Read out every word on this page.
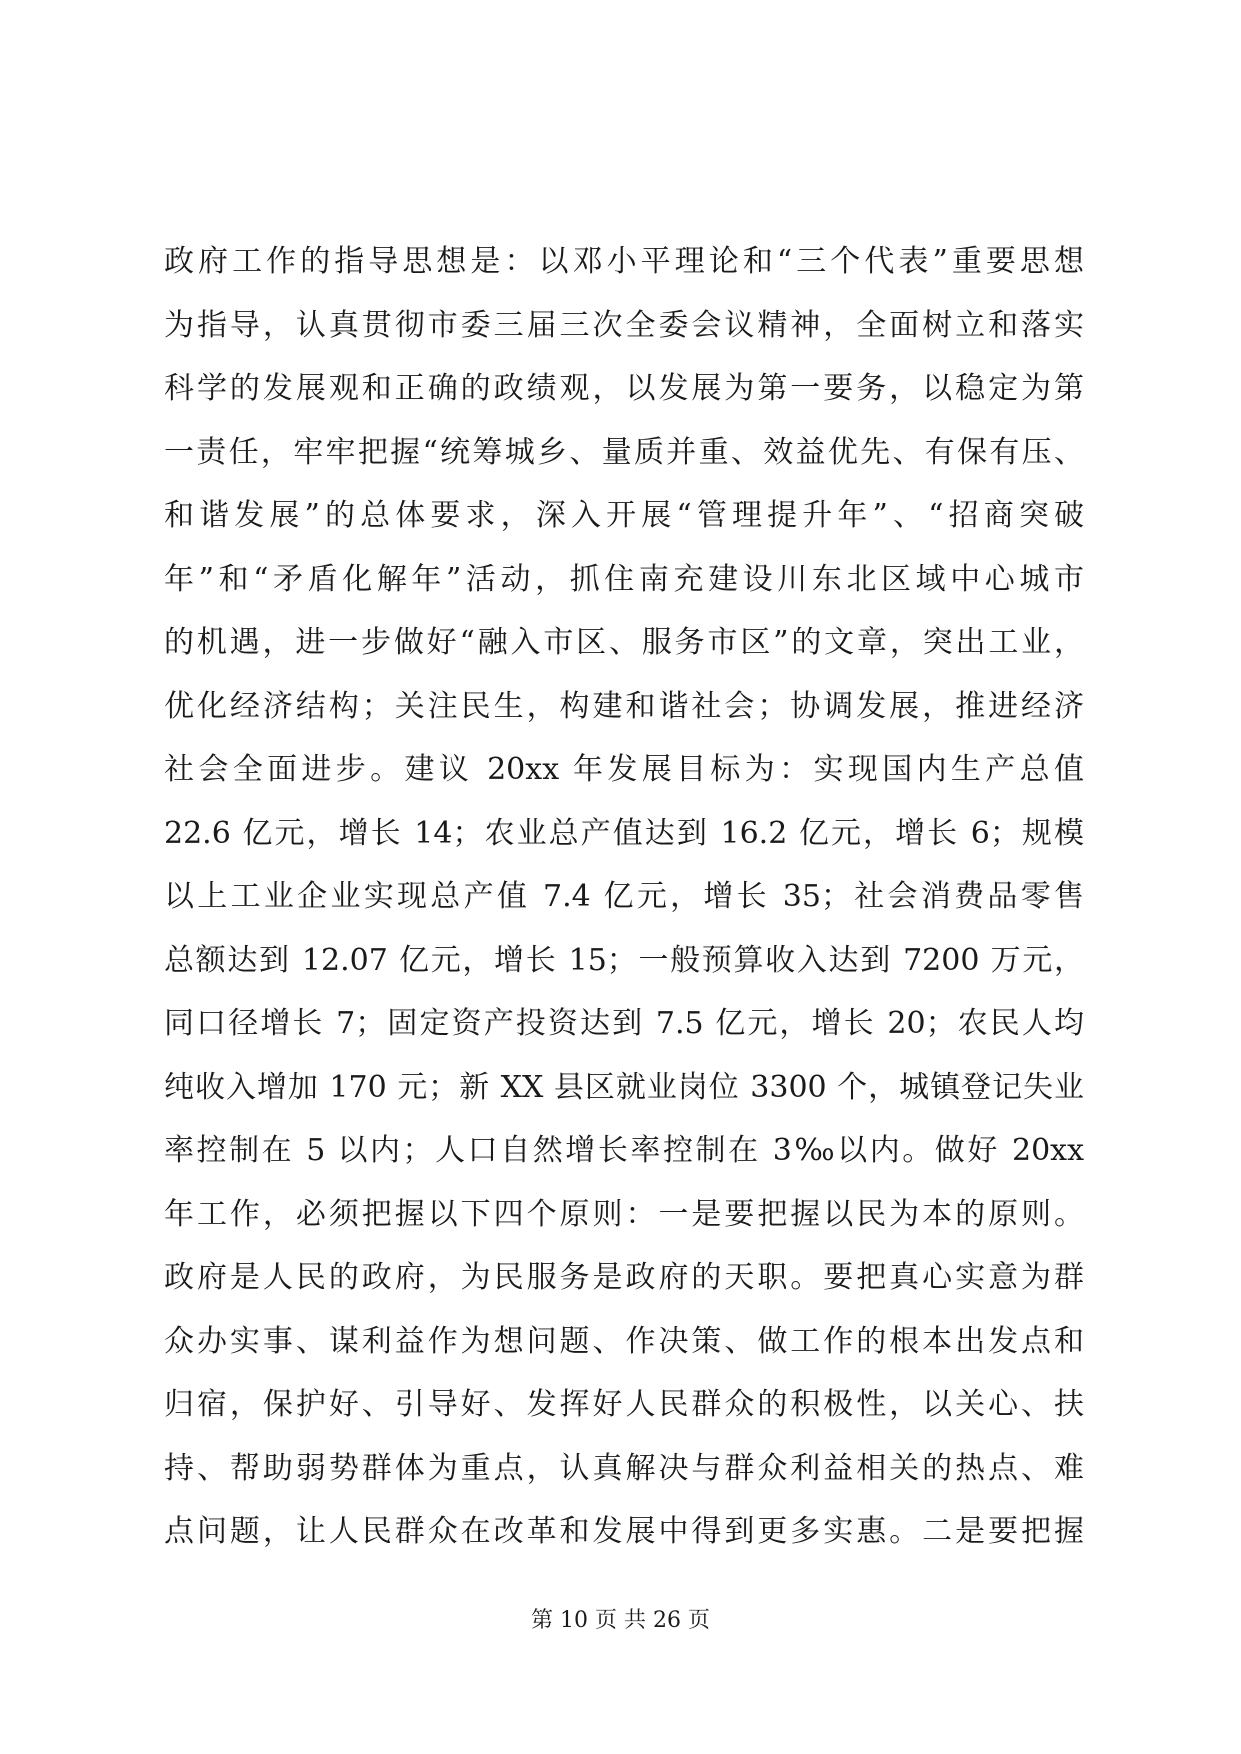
政府工作的指导思想是：以邓小平理论和“三个代表”重要思想
为指导，认真贯彻市委三届三次全委会议精神，全面树立和落实
科学的发展观和正确的政绩观，以发展为第一要务，以稳定为第
一责任，牢牢把握“统筹城乡、量质并重、效益优先、有保有压、
和谐发展”的总体要求，深入开展“管理提升年”、“招商突破
年”和“矛盾化解年”活动，抓住南充建设川东北区域中心城市
的机遇，进一步做好“融入市区、服务市区”的文章，突出工业，
优化经济结构；关注民生，构建和谐社会；协调发展，推进经济
社会全面进步。建议 20xx 年发展目标为：实现国内生产总值
22.6 亿元，增长 14；农业总产值达到 16.2 亿元，增长 6；规模
以上工业企业实现总产值 7.4 亿元，增长 35；社会消费品零售
总额达到 12.07 亿元，增长 15；一般预算收入达到 7200 万元，
同口径增长 7；固定资产投资达到 7.5 亿元，增长 20；农民人均
纯收入增加 170 元；新 XX 县区就业岗位 3300 个，城镇登记失业
率控制在 5 以内；人口自然增长率控制在 3‰以内。做好 20xx
年工作，必须把握以下四个原则：一是要把握以民为本的原则。
政府是人民的政府，为民服务是政府的天职。要把真心实意为群
众办实事、谋利益作为想问题、作决策、做工作的根本出发点和
归宿，保护好、引导好、发挥好人民群众的积极性，以关心、扶
持、帮助弱势群体为重点，认真解决与群众利益相关的热点、难
点问题，让人民群众在改革和发展中得到更多实惠。二是要把握
第 10 页 共 26 页
